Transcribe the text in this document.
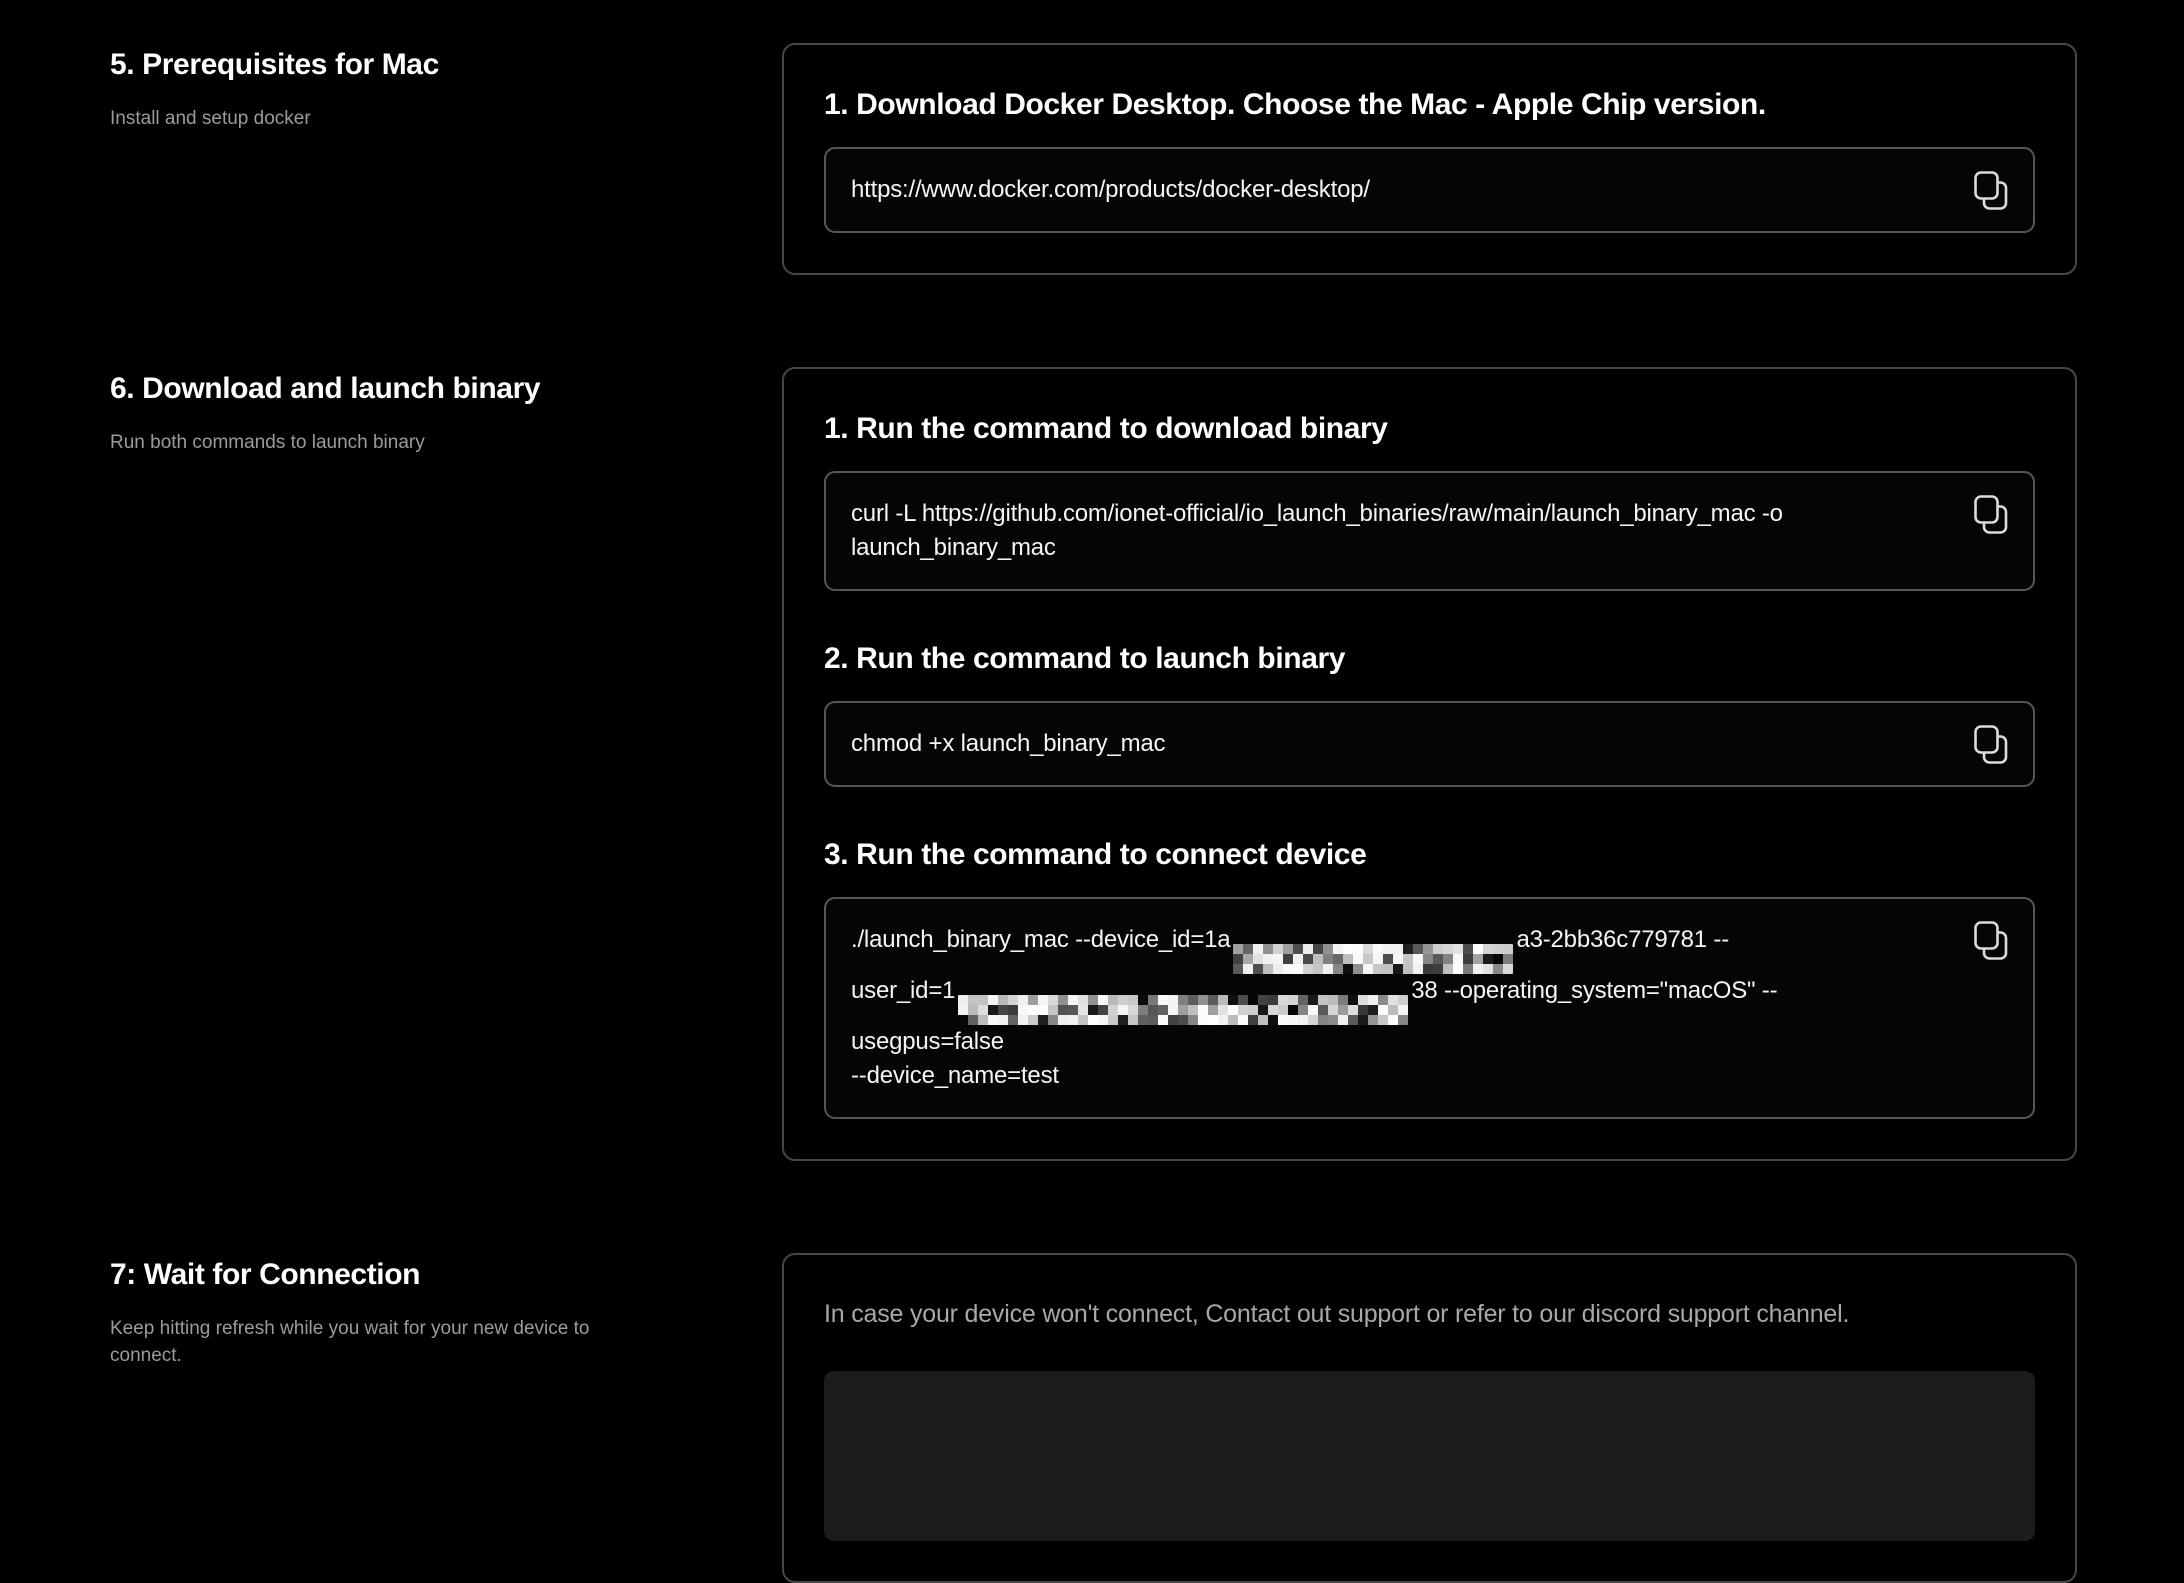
5. Prerequisites for Mac

Install and setup docker	1. Download Docker Desktop. Choose the Mac - Apple Chip version.
https://www.docker.com/products/docker-desktop/
6. Download and launch binary

Run both commands to launch binary	1. Run the command to download binary
curl -L https://github.com/ionet-official/io_launch_binaries/raw/main/launch_binary_mac -o
launch_binary_mac
2. Run the command to launch binary
chmod +x launch_binary_mac
3. Run the command to connect device
./launch_binary_mac --device_id=1a	a3-2bb36c779781 --
user_id=1	38 --operating_system="macOS" --usegpus=false
--device_name=test
7: Wait for Connection

Keep hitting refresh while you wait for your new device to connect.

In case your device won't connect, Contact out support or refer to our discord support channel.
